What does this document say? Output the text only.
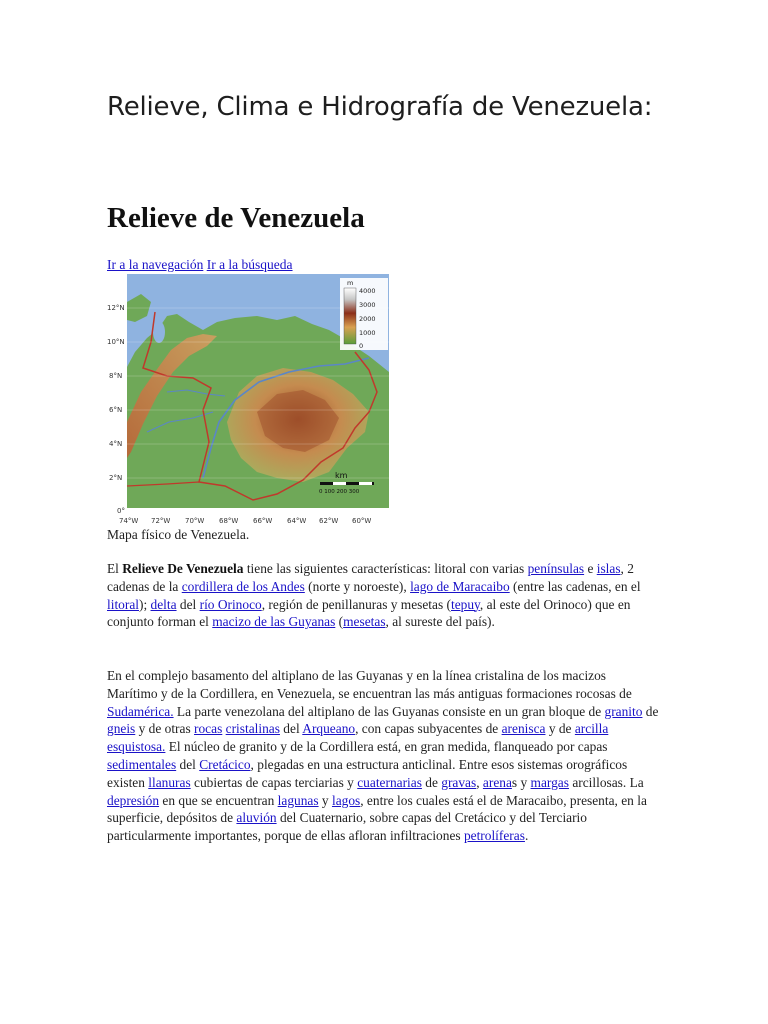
Relieve, Clima e Hidrografía de Venezuela:
Relieve de Venezuela
Ir a la navegación Ir a la búsqueda
12°N
10°N
8°N
6°N
4°N
2°N
0°
74°W 72°W 70°W 68°W 66°W 64°W 62°W 60°W
m
4000
3000
2000
1000
0
km
0 100 200 300
Mapa físico de Venezuela.

El Relieve De Venezuela tiene las siguientes características: litoral con varias penínsulas e islas, 2 cadenas de la cordillera de los Andes (norte y noroeste), lago de Maracaibo (entre las cadenas, en el litoral); delta del río Orinoco, región de penillanuras y mesetas (tepuy, al este del Orinoco) que en conjunto forman el macizo de las Guyanas (mesetas, al sureste del país).

En el complejo basamento del altiplano de las Guyanas y en la línea cristalina de los macizos Marítimo y de la Cordillera, en Venezuela, se encuentran las más antiguas formaciones rocosas de Sudamérica. La parte venezolana del altiplano de las Guyanas consiste en un gran bloque de granito de gneis y de otras rocas cristalinas del Arqueano, con capas subyacentes de arenisca y de arcilla esquistosa. El núcleo de granito y de la Cordillera está, en gran medida, flanqueado por capas sedimentales del Cretácico, plegadas en una estructura anticlinal. Entre esos sistemas orográficos existen llanuras cubiertas de capas terciarias y cuaternarias de gravas, arenas y margas arcillosas. La depresión en que se encuentran lagunas y lagos, entre los cuales está el de Maracaibo, presenta, en la superficie, depósitos de aluvión del Cuaternario, sobre capas del Cretácico y del Terciario particularmente importantes, porque de ellas afloran infiltraciones petrolíferas.
